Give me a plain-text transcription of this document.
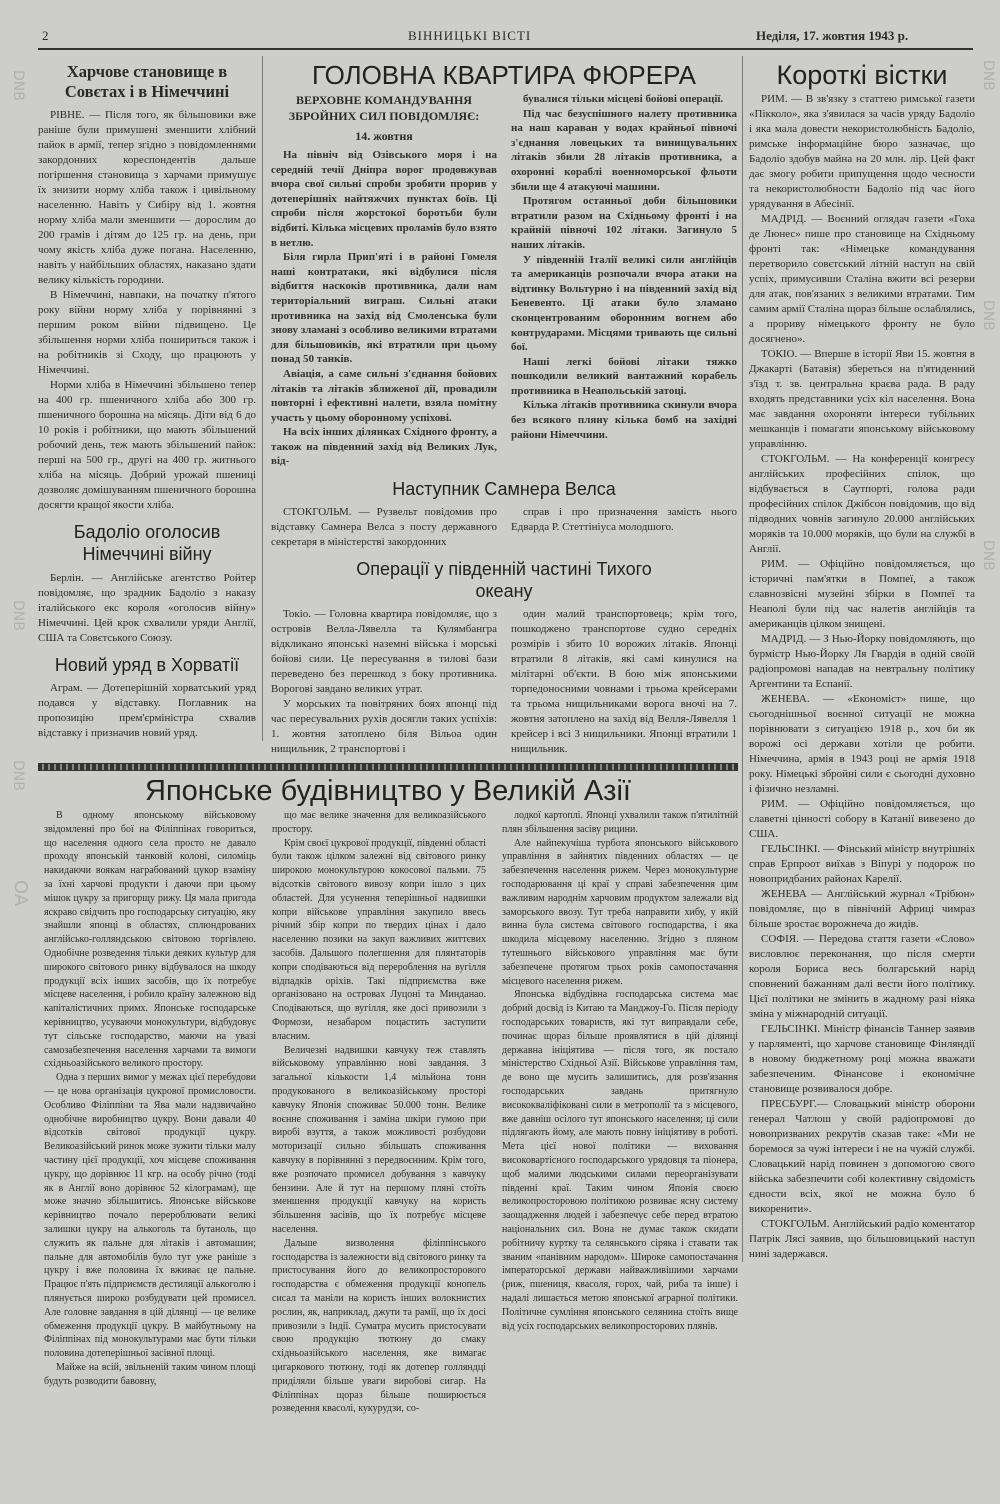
2	ВІННИЦЬКІ ВІСТІ	Неділя, 17. жовтня 1943 р.
DNB	DNB
DNB
DNB
DNB
DNB
OA
Харчове становище в Совєтах і в Німеччині

РІВНЕ. — Після того, як більшовики вже раніше були примушені зменшити хлібний пайок в армії, тепер згідно з повідомленнями закордонних кореспондентів дальше погіршення становища з харчами примушує їх знизити норму хліба також і цивільному населенню. Навіть у Сибіру від 1. жовтня норму хліба мали зменшити — дорослим до 200 грамів і дітям до 125 гр. на день, при чому якість хліба дуже погана. Населенню, навіть у найбільших областях, наказано здати велику кількість городини.

В Німеччині, навпаки, на початку п'ятого року війни норму хліба у порівнянні з першим роком війни підвищено. Це збільшення норми хліба пошириться також і на робітників зі Сходу, що працюють у Німеччині.

Норми хліба в Німеччині збільшено тепер на 400 гр. пшеничного хліба або 300 гр. пшеничного борошна на місяць. Діти від 6 до 10 років і робітники, що мають збільшений робочий день, теж мають збільшений пайок: перші на 500 гр., другі на 400 гр. житнього хліба на місяць. Добрий урожай пшениці дозволяє домішуванням пшеничного борошна досягти кращої якости хліба.

Бадоліо оголосив Німеччині війну

Берлін. — Англійське агентство Ройтер повідомляє, що зрадник Бадоліо з наказу італійського екс короля «оголосив війну» Німеччині. Цей крок схвалили уряди Англії, США та Совєтського Союзу.

Новий уряд в Хорватії

Аграм. — Дотеперішній хорватський уряд подався у відставку. Поглавник на пропозицію прем'єрміністра схвалив відставку і призначив новий уряд.

ГОЛОВНА КВАРТИРА ФЮРЕРА
ВЕРХОВНЕ КОМАНДУВАННЯ ЗБРОЙНИХ СИЛ ПОВІДОМЛЯЄ:
14. жовтня

На північ від Озівського моря і на середній течії Дніпра ворог продовжував вчора свої сильні спроби зробити прорив у дотеперішніх найтяжчих пунктах боїв. Ці спроби після жорстокої боротьби були відбиті. Кілька місцевих проламів було взято в нетлю.

Біля гирла Прип'яті і в районі Гомеля наші контратаки, які відбулися після відбиття наскоків противника, дали нам територіальний виграш. Сильні атаки противника на захід від Смоленська були знову зламані з особливо великими втратами для більшовиків, які втратили при цьому понад 50 танків.

Авіація, а саме сильні з'єднання бойових літаків та літаків зближеної дії, провадили повторні і ефективні налети, взяла помітну участь у цьому оборонному успіхові.

На всіх інших ділянках Східного фронту, а також на південний захід від Великих Лук, від-

бувалися тільки місцеві бойові операції.

Під час безуспішного налету противника на наш караван у водах крайньої півночі з'єднання ловецьких та винищувальних літаків збили 28 літаків противника, а охоронні кораблі военноморської фльоти збили ще 4 атакуючі машини.

Протягом останньої доби більшовики втратили разом на Східньому фронті і на крайній півночі 102 літаки. Загинуло 5 наших літаків.

У південній Італії великі сили англійців та американців розпочали вчора атаки на відтинку Вольтурно і на південний захід від Беневенто. Ці атаки було зламано сконцентрованим оборонним вогнем або контрударами. Місцями тривають ще сильні бої.

Наші легкі бойові літаки тяжко пошкодили великий вантажний корабель противника в Неапольській затоці.

Кілька літаків противника скинули вчора без всякого пляну кілька бомб на західні райони Німеччини.

Наступник Самнера Велса

СТОКГОЛЬМ. — Рузвельт повідомив про відставку Самнера Велса з посту державного секретаря в міністерстві закордонних

справ і про призначення замість нього Едварда Р. Стеттініуса молодшого.

Операції у південній частині Тихого океану

Токіо. — Головна квартира повідомляє, що з островів Велла-Лявелла та Кулямбангра відкликано японські наземні війська і морські бойові сили. Це пересування в тилові бази переведено без перешкод з боку противника. Ворогові завдано великих утрат.

У морських та повітряних боях японці під час пересувальних рухів досягли таких успіхів: 1. жовтня затоплено біля Вільоа один нищильник, 2 транспортові і

один малий транспортовець; крім того, пошкоджено транспортове судно середніх розмірів і збито 10 ворожих літаків. Японці втратили 8 літаків, які самі кинулися на мілітарні об'єкти. В бою між японськими торпедоносними човнами і трьома крейсерами та трьома нищильниками ворога вночі на 7. жовтня затоплено на захід від Велля-Лявелля 1 крейсер і всі 3 нищильники. Японці втратили 1 нищильник.

Японське будівництво у Великій Азії

В одному японському військовому звідомленні про бої на Філіппінах говориться, що населення одного села просто не давало проходу японській танковій колоні, силоміць накидаючи воякам награбований цукор взаміну за їхні харчові продукти і даючи при цьому мішок цукру за пригорщу рижу. Ця мала пригода яскраво свідчить про господарську ситуацію, яку знайшли японці в областях, сплюндрованих англійсько-голляндською світовою торгівлею. Однобічне розведення тільки деяких культур для широкого світового ринку відбувалося на шкоду продукції всіх інших засобів, що їх потребує місцеве населення, і робило країну залежною від капіталістичних примх. Японське господарське керівництво, усуваючи монокультури, відбудовує тут сільське господарство, маючи на увазі самозабезпечення населення харчами та вимоги східньоазійського великого простору.

Одна з перших вимог у межах цієї перебудови — це нова організація цукрової промисловости. Особливо Філіппіни та Ява мали надзвичайно однобічне виробництво цукру. Вони давали 40 відсотків світової продукції цукру. Великоазійський ринок може зужити тільки малу частину цієї продукції, хоч місцеве споживання цукру, що дорівнює 11 кгр. на особу річно (тоді як в Англії воно дорівнює 52 кілограмам), ще може значно збільшитись. Японське військове керівництво почало перероблювати великі залишки цукру на алькоголь та бутаноль, що служить як пальне для літаків і автомашин; пальне для автомобілів було тут уже раніше з цукру і вже половина їх вживає це пальне. Працює п'ять підприємств дестиляції алькоголю і плянується широко розбудувати цей промисел. Але головне завдання в цій ділянці — це велике обмеження продукції цукру. В майбутньому на Філіппінах під монокультурами має бути тільки половина дотеперішньої засівної площі.

Майже на всій, звільненій таким чином площі будуть розводити бавовну,

що має велике значення для великоазійського простору.

Крім своєї цукрової продукції, південні області були також цілком залежні від світового ринку широкою монокультурою кокосової пальми. 75 відсотків світового вивозу копри ішло з цих областей. Для усунення теперішньої надвишки копри військове управління закупило ввесь річний збір копри по твердих цінах і дало населенню позики на закуп важливих життєвих засобів. Дальшого полегшення для плянтаторів копри сподіваються від перероблення на вугілля відпадків оріхів. Такі підприємства вже організовано на островах Луцоні та Минданао. Сподіваються, що вугілля, яке досі привозили з Формози, незабаром поцастить заступити власним.

Величезні надвишки кавчуку теж ставлять військовому управлінню нові завдання. З загальної кількости 1,4 мільйона тонн продукованого в великоазійському просторі кавчуку Японія споживає 50.000 тонн. Велике воєнне споживання і заміна шкіри гумою при виробі взуття, а також можливості розбудови моторизації сильно збільшать споживання кавчуку в порівнянні з передвоєнним. Крім того, вже розпочато промисел добування з кавчуку бензини. Але й тут на першому пляні стоїть зменшення продукції кавчуку на користь збільшення засівів, що їх потребує місцеве населення.

Дальше визволення філіппінського господарства із залежности від світового ринку та пристосування його до великопросторового господарства є обмеження продукції конопель сисал та маніли на користь інших волокнистих рослин, як, наприклад, джути та рамії, що їх досі привозили з Індії. Суматра мусить пристосувати свою продукцію тютюну до смаку східньоазійського населення, яке вимагає цигаркового тютюну, тоді як дотепер голляндці приділяли більше уваги виробові сигар. На Філіппінах щораз більше поширюється розведення квасолі, кукурудзи, со-

лодкої картоплі. Японці ухвалили також п'ятилітній плян збільшення засіву рицини.

Але найпекучіша турбота японського військового управління в зайнятих південних областях — це забезпечення населення рижем. Через монокультурне господарювання ці краї у справі забезпечення цим важливим народнім харчовим продуктом залежали від заморського ввозу. Тут треба направити хибу, у якій винна була система світового господарства, і яка шкодила місцевому населенню. Згідно з пляном тутешнього військового управління має бути забезпечене протягом трьох років самопостачання місцевого населення рижем.

Японська відбудівна господарська система має добрий досвід із Китаю та Манджоу-Го. Після періоду господарських товариств, які тут виправдали себе, починає щораз більше проявлятися в цій ділянці державна ініціятива — після того, як постало міністерство Східньої Азії. Військове управління там, де воно ще мусить залишитись, для розв'язання господарських завдань притягнуло висококваліфіковані сили в метрополії та з місцевого, вже давніш осілого тут японського населення; ці сили підлягають йому, але мають повну ініціятиву в роботі. Мета цієї нової політики — виховання високовартісного господарського урядовця та піонера, щоб малими людськими силами переорганізувати південні краї. Таким чином Японія своєю великопросторовою політикою розвиває ясну систему заощадження людей і забезпечує себе перед втратою національних сил. Вона не думає також скидати робітничу куртку та селянського сіряка і ставати так званим «панівним народом». Широке самопостачання імператорської держави найважливішими харчами (риж, пшениця, квасоля, горох, чай, риба та інше) і надалі лишається метою японської аграрної політики. Політичне сумління японського селянина стоїть вище від усіх господарських великопросторових плянів.

Короткі вістки

РИМ. — В зв'язку з статтею римської газети «Пікколо», яка з'явилася за часів уряду Бадоліо і яка мала довести некористолюбність Бадоліо, римське інформаційне бюро зазначає, що Бадоліо здобув майна на 20 млн. лір. Цей факт дає змогу робити припущення щодо чесности та некористолюбности Бадоліо під час його урядування в Абесінії.

МАДРІД. — Воєнний оглядач газети «Гоха де Люнес» пише про становище на Східньому фронті так: «Німецьке командування перетворило совєтський літній наступ на свій успіх, примусивши Сталіна вжити всі резерви для атак, пов'язаних з великими втратами. Тим самим армії Сталіна щораз більше ослаблялись, а прориву німецького фронту не було досягнено».

ТОКІО. — Вперше в історії Яви 15. жовтня в Джакарті (Батавія) збереться на п'ятиденний з'їзд т. зв. центральна краєва рада. В раду входять представники усіх кіл населення. Вона має завдання охороняти інтереси тубільних мешканців і помагати японському військовому управлінню.

СТОКГОЛЬМ. — На конференції конгресу англійських професійних спілок, що відбувається в Саутпорті, голова ради професійних спілок Джібсон повідомив, що від підводних човнів загинуло 20.000 англійських моряків та 10.000 моряків, що були на службі в Англії.

РИМ. — Офіційно повідомляється, що історичні пам'ятки в Помпеї, а також славнозвісні музейні збірки в Помпеї та Неаполі були під час налетів англійців та американців цілком знищені.

МАДРІД. — З Нью-Йорку повідомляють, що бурмістр Нью-Йорку Ля Гвардія в одній своїй радіопромові нападав на невтральну політику Аргентини та Еспанії.

ЖЕНЕВА. — «Економіст» пише, що сьогоднішньої воєнної ситуації не можна порівнювати з ситуацією 1918 р., хоч би як ворожі осі держави хотіли це робити. Німеччина, армія в 1943 році не армія 1918 року. Німецькі збройні сили є сьогодні духовно і фізично незламні.

РИМ. — Офіційно повідомляється, що славетні цінності собору в Катанії вивезено до США.

ГЕЛЬСІНКІ. — Фінський міністр внутрішніх справ Ерпроот виїхав з Віпурі у подорож по новопридбаних районах Карелії.

ЖЕНЕВА — Англійський журнал «Трібюн» повідомляє, що в північній Африці чимраз більше зростає ворожнеча до жидів.

СОФІЯ. — Передова стаття газети «Слово» висловлює переконання, що після смерти короля Бориса весь болгарський нарід сповнений бажанням далі вести його політику. Цієї політики не змінить в жадному разі ніяка зміна у міжнародній ситуації.

ГЕЛЬСІНКІ. Міністр фінансів Таннер заявив у парляменті, що харчове становище Фінляндії в новому бюджетному році можна вважати забезпеченим. Фінансове і економічне становище розвивалося добре.

ПРЕСБУРГ.— Словацький міністр оборони генерал Чатлош у своїй радіопромові до новопризваних рекрутів сказав таке: «Ми не боремося за чужі інтереси і не на чужій службі. Словацький нарід повинен з допомогою свого війська забезпечити собі колективну свідомість єдности всіх, якої не можна було б викоренити».

СТОКГОЛЬМ. Англійський радіо коментатор Патрік Лясі заявив, що більшовицький наступ нині задержався.
